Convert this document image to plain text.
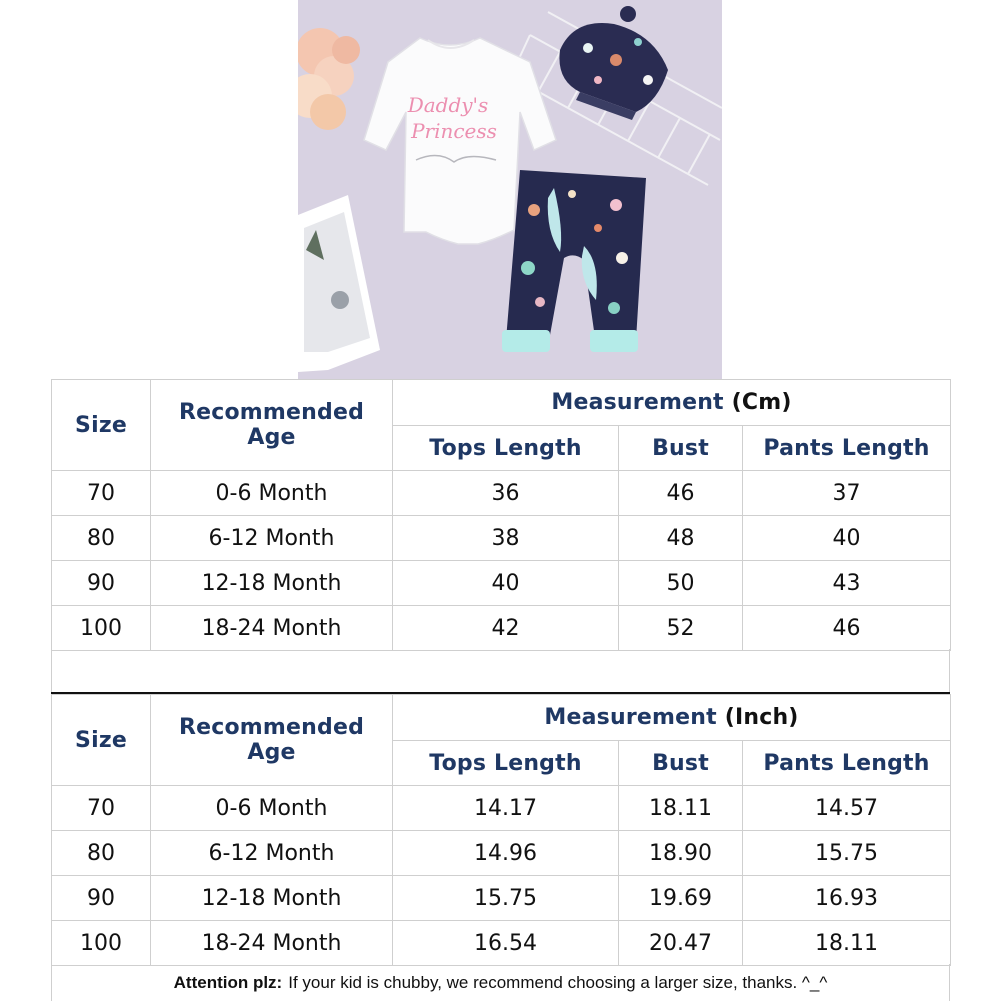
Daddy's
Princess
Size	Recommended Age	Measurement (Cm)		
		Tops Length	Bust	Pants Length
70	0-6 Month	36	46	37
80	6-12 Month	38	48	40
90	12-18 Month	40	50	43
100	18-24 Month	42	52	46
Size	Recommended Age	Measurement (Inch)		
		Tops Length	Bust	Pants Length
70	0-6 Month	14.17	18.11	14.57
80	6-12 Month	14.96	18.90	15.75
90	12-18 Month	15.75	19.69	16.93
100	18-24 Month	16.54	20.47	18.11
Attention plz: If your kid is chubby, we recommend choosing a larger size, thanks. ^_^
